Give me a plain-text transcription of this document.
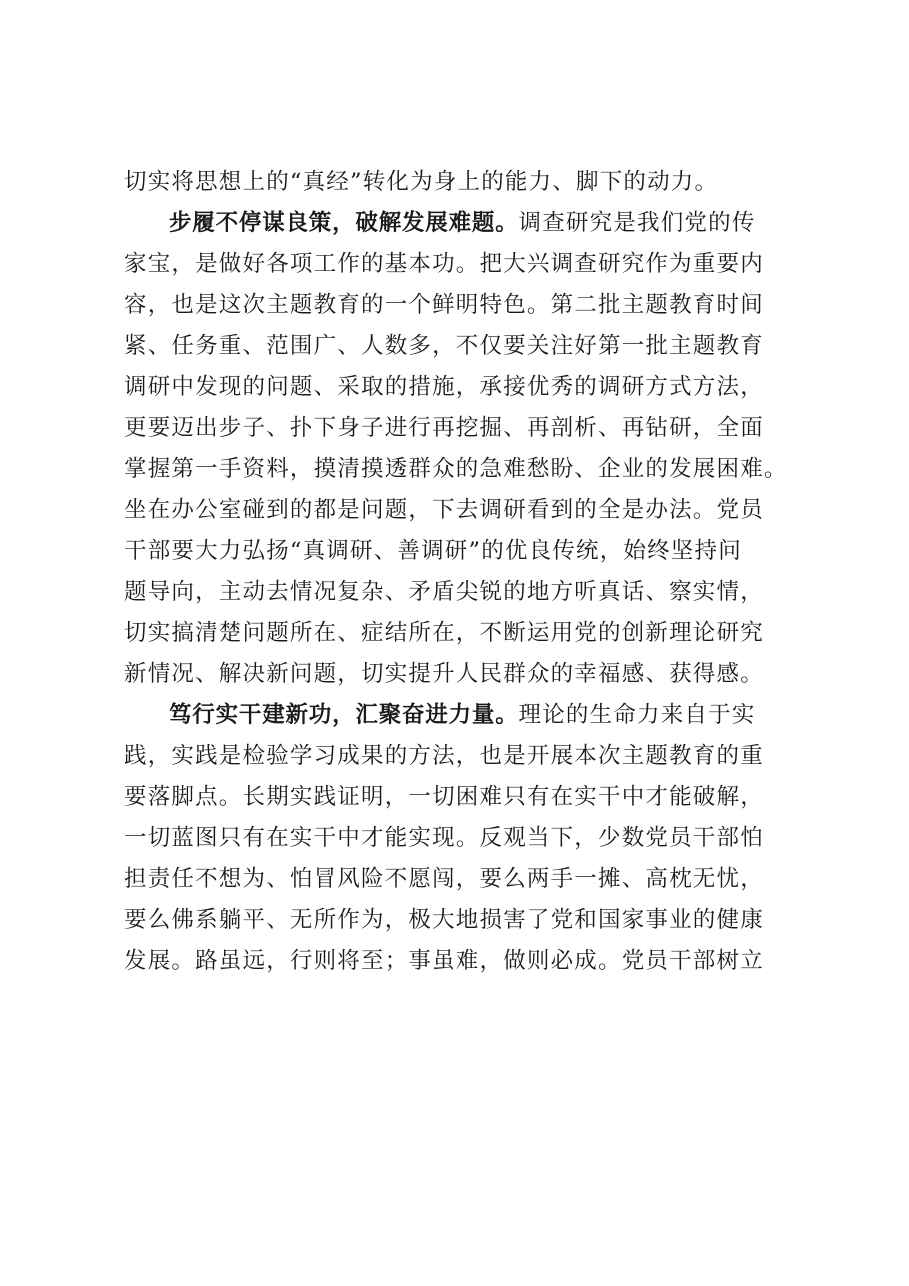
切实将思想上的“真经”转化为身上的能力、脚下的动力。
步履不停谋良策，破解发展难题。调查研究是我们党的传
家宝，是做好各项工作的基本功。把大兴调查研究作为重要内
容，也是这次主题教育的一个鲜明特色。第二批主题教育时间
紧、任务重、范围广、人数多，不仅要关注好第一批主题教育
调研中发现的问题、采取的措施，承接优秀的调研方式方法，
更要迈出步子、扑下身子进行再挖掘、再剖析、再钻研，全面
掌握第一手资料，摸清摸透群众的急难愁盼、企业的发展困难。
坐在办公室碰到的都是问题，下去调研看到的全是办法。党员
干部要大力弘扬“真调研、善调研”的优良传统，始终坚持问
题导向，主动去情况复杂、矛盾尖锐的地方听真话、察实情，
切实搞清楚问题所在、症结所在，不断运用党的创新理论研究
新情况、解决新问题，切实提升人民群众的幸福感、获得感。
笃行实干建新功，汇聚奋进力量。理论的生命力来自于实
践，实践是检验学习成果的方法，也是开展本次主题教育的重
要落脚点。长期实践证明，一切困难只有在实干中才能破解，
一切蓝图只有在实干中才能实现。反观当下，少数党员干部怕
担责任不想为、怕冒风险不愿闯，要么两手一摊、高枕无忧，
要么佛系躺平、无所作为，极大地损害了党和国家事业的健康
发展。路虽远，行则将至；事虽难，做则必成。党员干部树立
